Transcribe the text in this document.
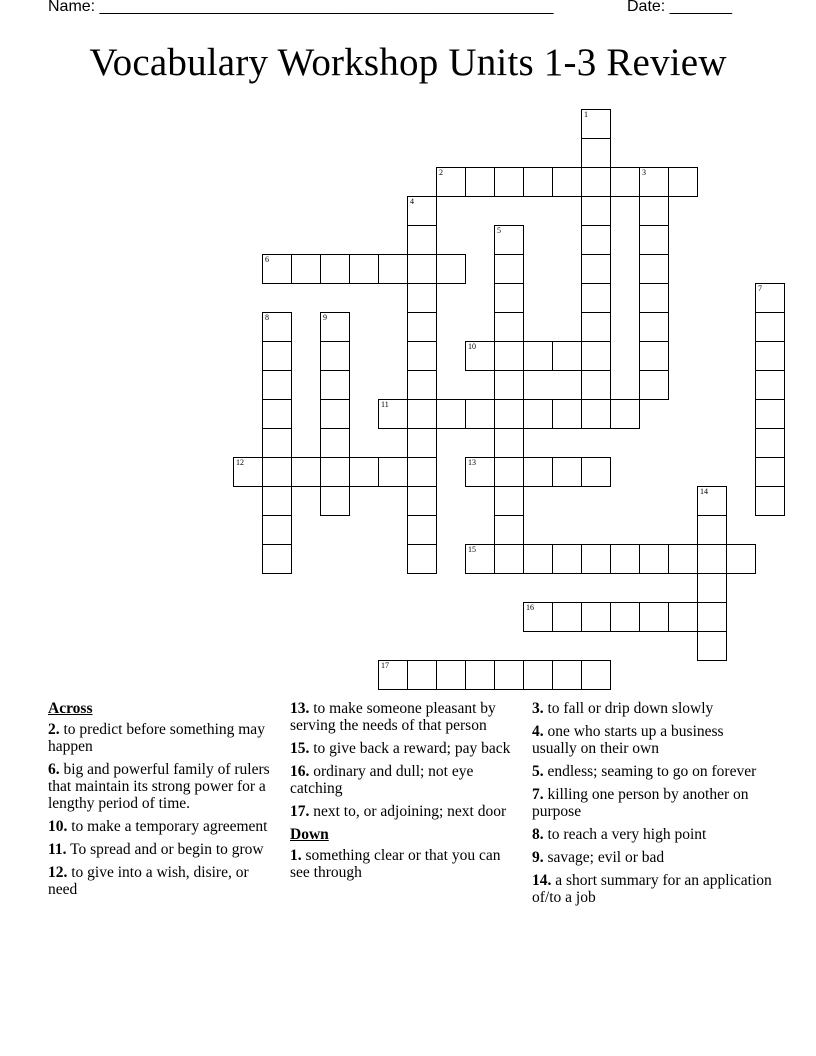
Name: ___________________________________________________	Date: _______
Vocabulary Workshop Units 1-3 Review
1
2	3
4
5
6
7
8	9
10
11
12	13
14
15
16
17
Across
2. to predict before something may happen
6. big and powerful family of rulers that maintain its strong power for a lengthy period of time.
10. to make a temporary agreement
11. To spread and or begin to grow
12. to give into a wish, disire, or need
13. to make someone pleasant by serving the needs of that person
15. to give back a reward; pay back
16. ordinary and dull; not eye catching
17. next to, or adjoining; next door
Down
1. something clear or that you can see through
3. to fall or drip down slowly
4. one who starts up a business usually on their own
5. endless; seaming to go on forever
7. killing one person by another on purpose
8. to reach a very high point
9. savage; evil or bad
14. a short summary for an application of/to a job
